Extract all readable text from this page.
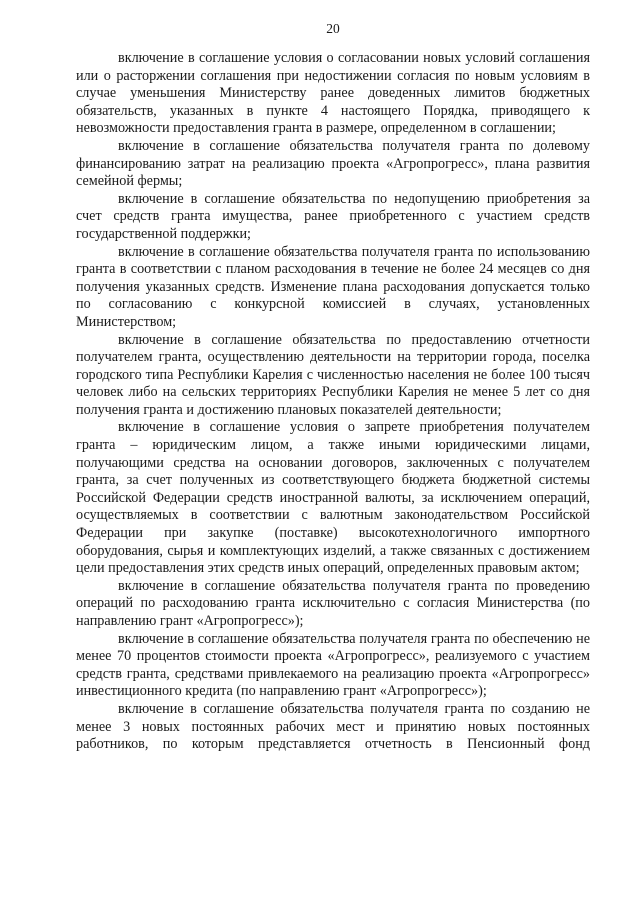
20

включение в соглашение условия о согласовании новых условий соглашения или о расторжении соглашения при недостижении согласия по новым условиям в случае уменьшения Министерству ранее доведенных лимитов бюджетных обязательств, указанных в пункте 4 настоящего Порядка, приводящего к невозможности предоставления гранта в размере, определенном в соглашении;

включение в соглашение обязательства получателя гранта по долевому финансированию затрат на реализацию проекта «Агропрогресс», плана развития семейной фермы;

включение в соглашение обязательства по недопущению приобретения за счет средств гранта имущества, ранее приобретенного с участием средств государственной поддержки;

включение в соглашение обязательства получателя гранта по использованию гранта в соответствии с планом расходования в течение не более 24 месяцев со дня получения указанных средств. Изменение плана расходования допускается только по согласованию с конкурсной комиссией в случаях, установленных Министерством;

включение в соглашение обязательства по предоставлению отчетности получателем гранта, осуществлению деятельности на территории города, поселка городского типа Республики Карелия с численностью населения не более 100 тысяч человек либо на сельских территориях Республики Карелия не менее 5 лет со дня получения гранта и достижению плановых показателей деятельности;

включение в соглашение условия о запрете приобретения получателем гранта – юридическим лицом, а также иными юридическими лицами, получающими средства на основании договоров, заключенных с получателем гранта, за счет полученных из соответствующего бюджета бюджетной системы Российской Федерации средств иностранной валюты, за исключением операций, осуществляемых в соответствии с валютным законодательством Российской Федерации при закупке (поставке) высокотехнологичного импортного оборудования, сырья и комплектующих изделий, а также связанных с достижением цели предоставления этих средств иных операций, определенных правовым актом;

включение в соглашение обязательства получателя гранта по проведению операций по расходованию гранта исключительно с согласия Министерства (по направлению грант «Агропрогресс»);

включение в соглашение обязательства получателя гранта по обеспечению не менее 70 процентов стоимости проекта «Агропрогресс», реализуемого с участием средств гранта, средствами привлекаемого на реализацию проекта «Агропрогресс» инвестиционного кредита (по направлению грант «Агропрогресс»);

включение в соглашение обязательства получателя гранта по созданию не менее 3 новых постоянных рабочих мест и принятию новых постоянных работников, по которым представляется отчетность в Пенсионный фонд
